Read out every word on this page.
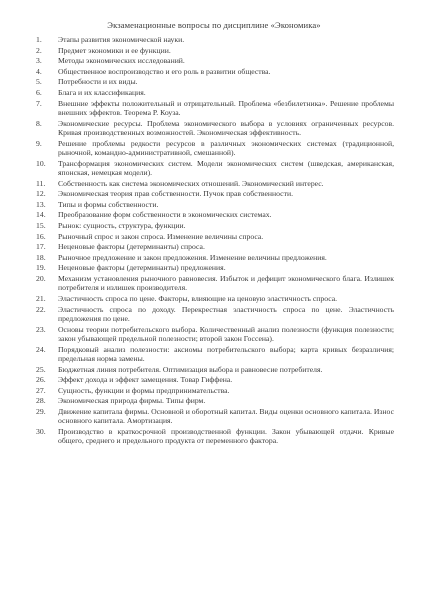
Экзаменационные вопросы по дисциплине «Экономика»
1.	Этапы развития экономической науки.
2.	Предмет экономики и ее функции.
3.	Методы экономических исследований.
4.	Общественное воспроизводство и его роль в развитии общества.
5.	Потребности и их виды.
6.	Блага и их классификация.
7.	Внешние эффекты положительный и отрицательный. Проблема «безбилетника». Решение проблемы внешних эффектов. Теорема Р. Коуза.
8.	Экономические ресурсы. Проблема экономического выбора в условиях ограниченных ресурсов. Кривая производственных возможностей. Экономическая эффективность.
9.	Решение проблемы редкости ресурсов в различных экономических системах (традиционной, рыночной, командно-административной, смешанной).
10.	Трансформация экономических систем. Модели экономических систем (шведская, американская, японская, немецкая модели).
11.	Собственность как система экономических отношений. Экономический интерес.
12.	Экономическая теория прав собственности. Пучок прав собственности.
13.	Типы и формы собственности.
14.	Преобразование форм собственности в экономических системах.
15.	Рынок: сущность, структура, функции.
16.	Рыночный спрос и закон спроса. Изменение величины спроса.
17.	Неценовые факторы (детерминанты) спроса.
18.	Рыночное предложение и закон предложения. Изменение величины предложения.
19.	Неценовые факторы (детерминанты) предложения.
20.	Механизм установления рыночного равновесия. Избыток и дефицит экономического блага. Излишек потребителя и излишек производителя.
21.	Эластичность спроса по цене. Факторы, влияющие на ценовую эластичность спроса.
22.	Эластичность спроса по доходу. Перекрестная эластичность спроса по цене. Эластичность предложения по цене.
23.	Основы теории потребительского выбора. Количественный анализ полезности (функция полезности; закон убывающей предельной полезности; второй закон Госсена).
24.	Порядковый анализ полезности: аксиомы потребительского выбора; карта кривых безразличия; предельная норма замены.
25.	Бюджетная линия потребителя. Оптимизация выбора и равновесие потребителя.
26.	Эффект дохода и эффект замещения. Товар Гиффена.
27.	Сущность, функции и формы предпринимательства.
28.	Экономическая природа фирмы. Типы фирм.
29.	Движение капитала фирмы. Основной и оборотный капитал. Виды оценки основного капитала. Износ основного капитала. Амортизация.
30.	Производство в краткосрочной производственной функции. Закон убывающей отдачи. Кривые общего, среднего и предельного продукта от переменного фактора.
